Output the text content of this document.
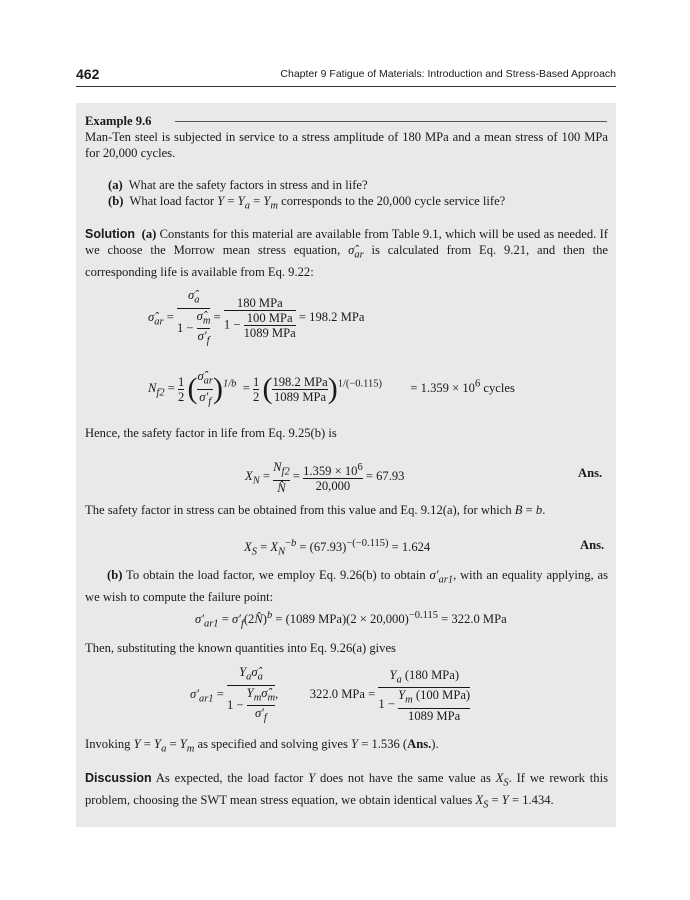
462	Chapter 9 Fatigue of Materials: Introduction and Stress-Based Approach
Example 9.6
Man-Ten steel is subjected in service to a stress amplitude of 180 MPa and a mean stress of 100 MPa for 20,000 cycles.
(a) What are the safety factors in stress and in life?
(b) What load factor $Y = Y_a = Y_m$ corresponds to the 20,000 cycle service life?
Solution (a) Constants for this material are available from Table 9.1, which will be used as needed. If we choose the Morrow mean stress equation, $\sigmâ_{ar}$ is calculated from Eq. 9.21, and then the corresponding life is available from Eq. 9.22:
$\sigmâ_{ar} = \frac{\sigmâ_a}{1 - \frac{\sigmâ_m}{\sigma'_f}} = \frac{\text{180 MPa}}{1 - \frac{\text{100 MPa}}{\text{1089 MPa}}} = 198.2$ MPa
$N_{f2} = \frac{1}{2}$ ( $\frac{\sigmâ_{ar}}{\sigma'_f} )^{1/b} = \frac{1}{2}$ ( $\frac{\text{198.2 MPa}}{\text{1089 MPa}} )^{1/(-0.115)} = 1.359 \times 10^6$ cycles
Hence, the safety factor in life from Eq. 9.25(b) is
$X_N = \frac{N_{f2}}{N̂} = \frac{1.359 \times 10^6}{20,000} = 67.93$	Ans.
The safety factor in stress can be obtained from this value and Eq. 9.12(a), for which B = b.
$X_S = X_N^{-b} = (67.93)^{-(-0.115)} = 1.624$	Ans.
(b) To obtain the load factor, we employ Eq. 9.26(b) to obtain $\sigma'_{ar1}$, with an equality applying, as we wish to compute the failure point:
$\sigma'_{ar1}$ = $\sigma'_f(2N̂)^b = (1089$ $MPa)(2 \times 20,000)^{-0.115} = 322.0$ MPa
Then, substituting the known quantities into Eq. 9.26(a) gives
$\sigma'_{ar1} = \frac{Y_a\sigmâ_a}{1 - \frac{Y_m\sigmâ_m}{\sigma'_f}}$ ,          322.0 MPa = $\frac{Y_a (180 MPa)}{1 - \frac{Y_m (100 MPa)}{\text{1089 MPa}}}$
Invoking $Y = Y_a = Y_m$ as specified and solving gives Y = 1.536 (Ans.).
Discussion As expected, the load factor Y does not have the same value as $X_S$. If we rework this problem, choosing the SWT mean stress equation, we obtain identical values $X_S = Y = 1.434$.
